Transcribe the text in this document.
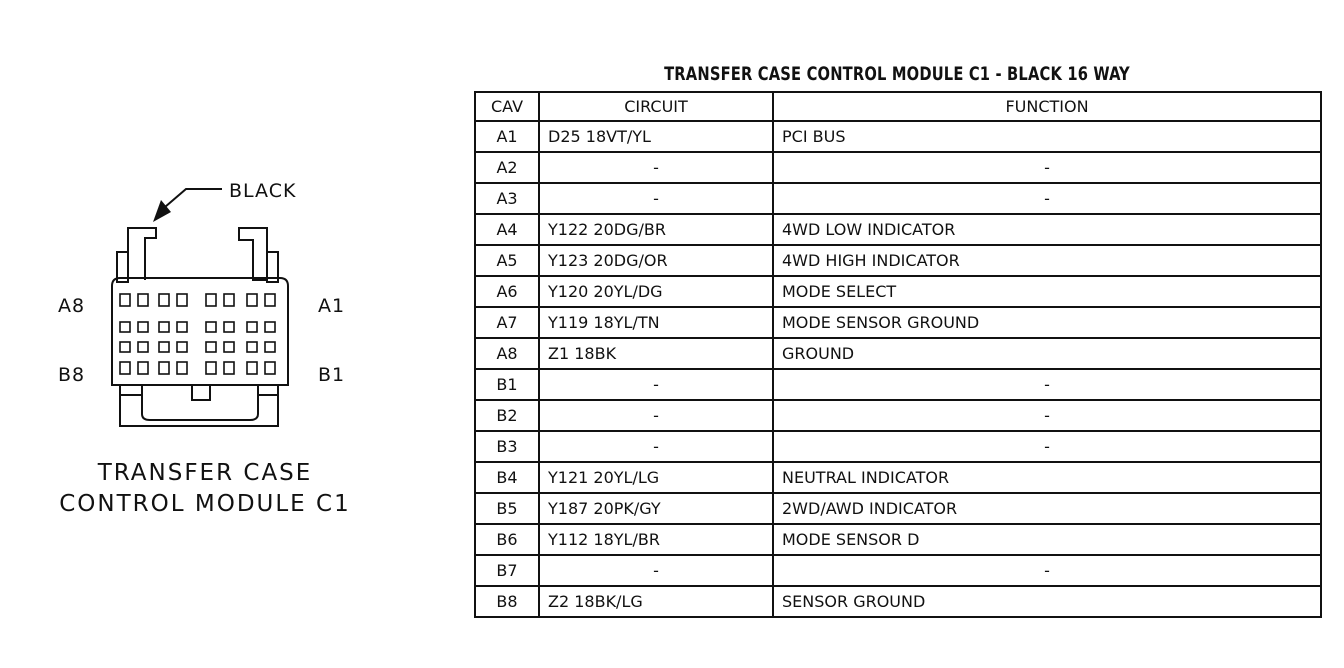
BLACK
A8	A1
B8	B1
TRANSFER CASE
CONTROL MODULE C1
TRANSFER CASE CONTROL MODULE C1 - BLACK 16 WAY
CAV	CIRCUIT	FUNCTION
A1	D25 18VT/YL	PCI BUS
A2	-	-
A3	-	-
A4	Y122 20DG/BR	4WD LOW INDICATOR
A5	Y123 20DG/OR	4WD HIGH INDICATOR
A6	Y120 20YL/DG	MODE SELECT
A7	Y119 18YL/TN	MODE SENSOR GROUND
A8	Z1 18BK	GROUND
B1	-	-
B2	-	-
B3	-	-
B4	Y121 20YL/LG	NEUTRAL INDICATOR
B5	Y187 20PK/GY	2WD/AWD INDICATOR
B6	Y112 18YL/BR	MODE SENSOR D
B7	-	-
B8	Z2 18BK/LG	SENSOR GROUND
